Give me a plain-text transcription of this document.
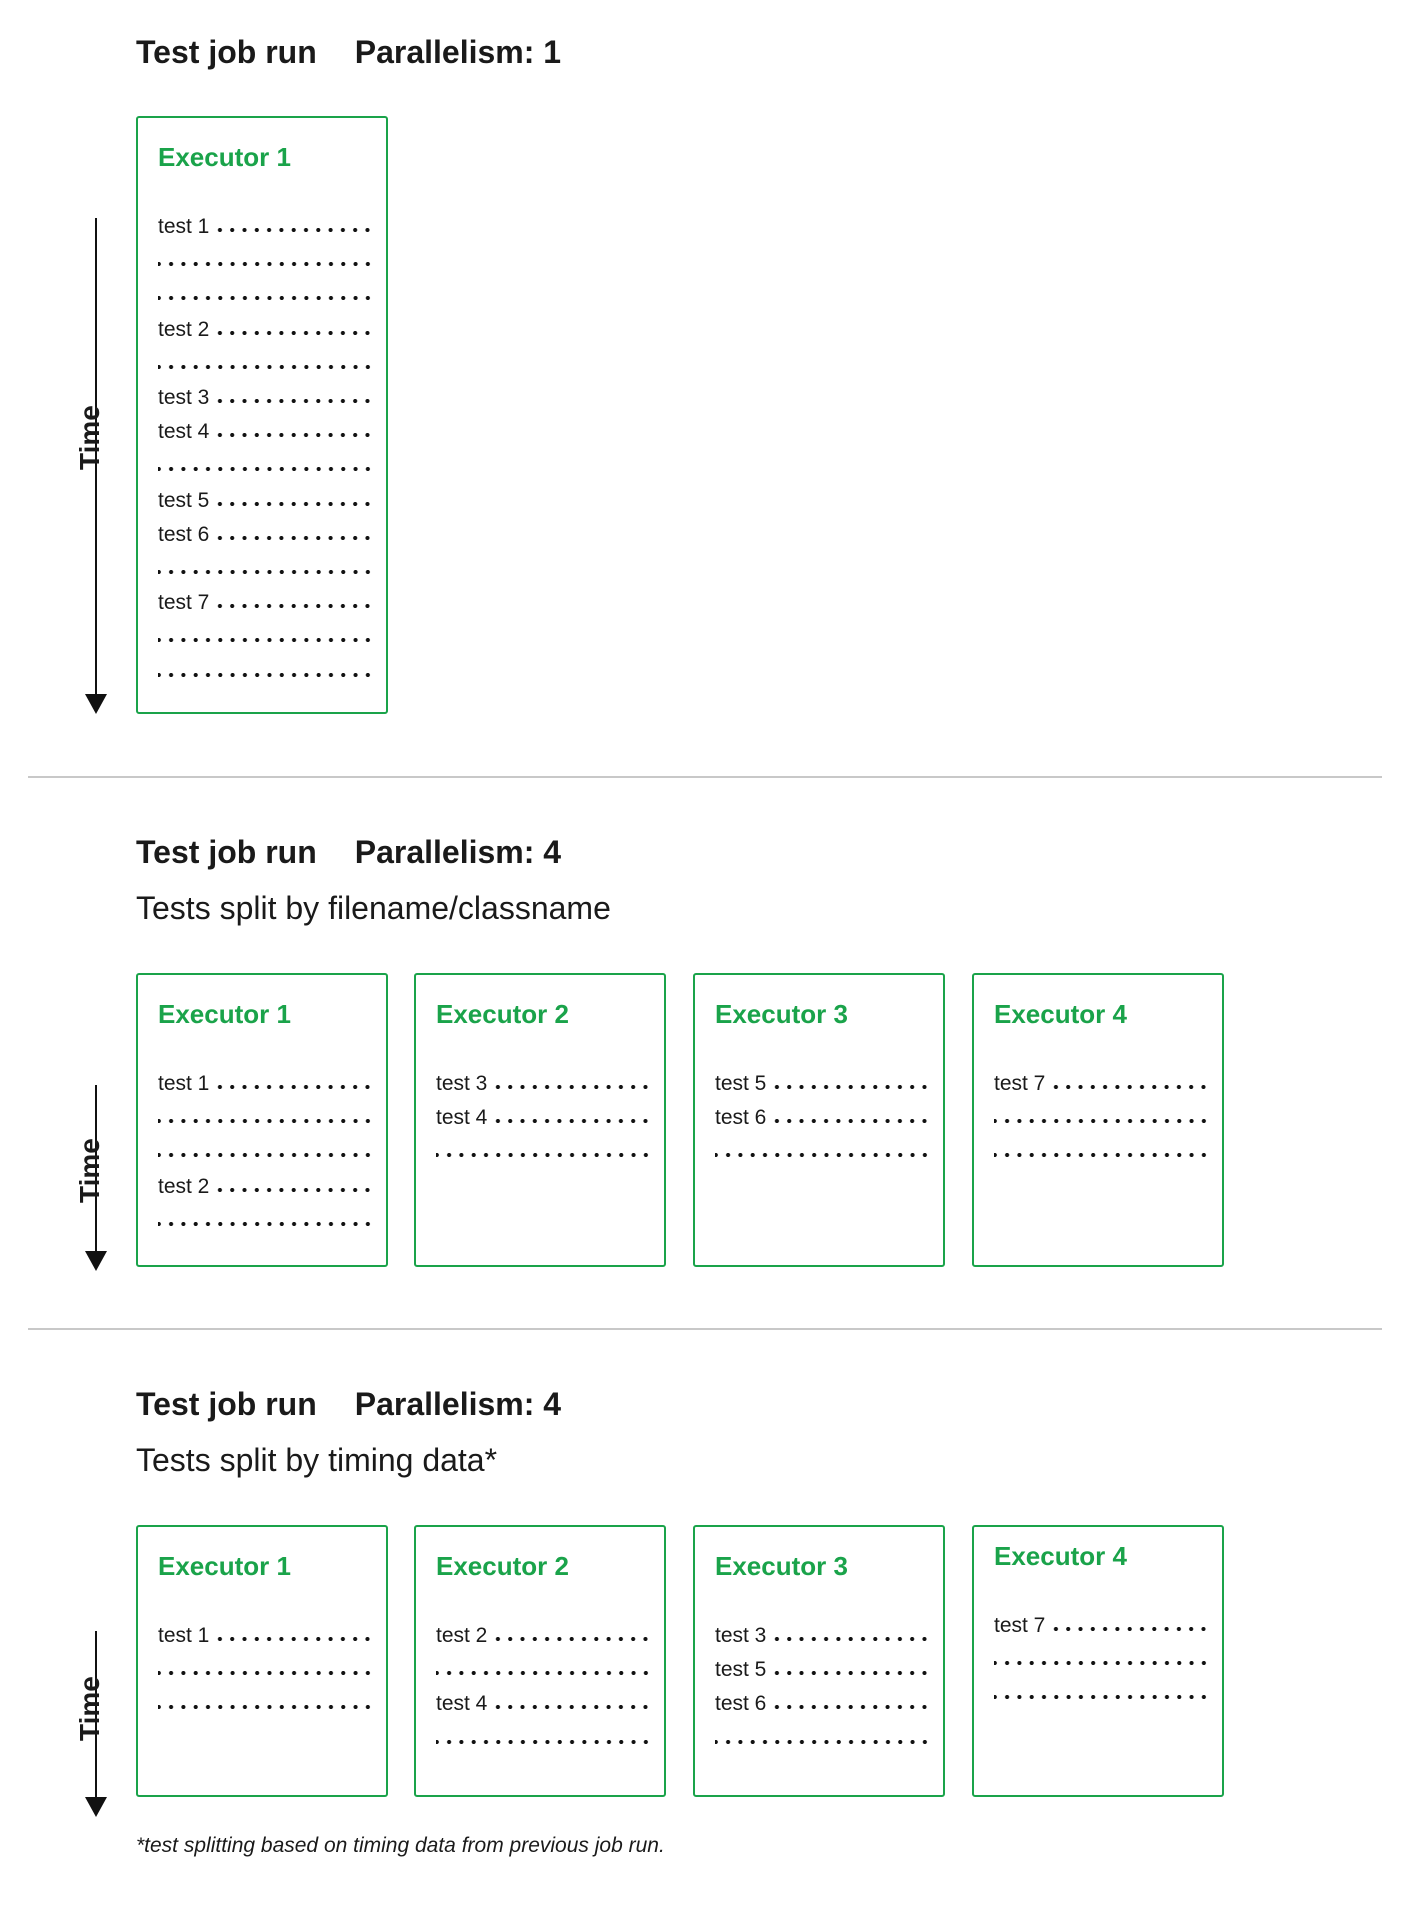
Test job run Parallelism: 1
Time
Executor 1
test 1
test 2
test 3
test 4
test 5
test 6
test 7
Test job run Parallelism: 4
Tests split by filename/classname
Time
Executor 1
test 1
test 2
Executor 2
test 3
test 4
Executor 3
test 5
test 6
Executor 4
test 7
Test job run Parallelism: 4
Tests split by timing data*
Time
Executor 1
test 1
Executor 2
test 2
test 4
Executor 3
test 3
test 5
test 6
Executor 4
test 7
*test splitting based on timing data from previous job run.
